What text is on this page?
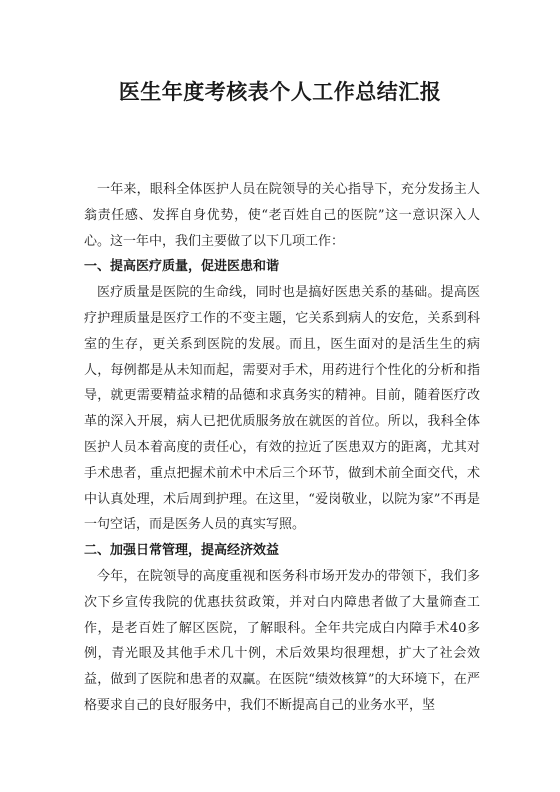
医生年度考核表个人工作总结汇报

一年来，眼科全体医护人员在院领导的关心指导下，充分发扬主人翁责任感、发挥自身优势，使“老百姓自己的医院”这一意识深入人心。这一年中，我们主要做了以下几项工作：

一、提高医疗质量，促进医患和谐

医疗质量是医院的生命线，同时也是搞好医患关系的基础。提高医疗护理质量是医疗工作的不变主题，它关系到病人的安危，关系到科室的生存，更关系到医院的发展。而且，医生面对的是活生生的病人，每例都是从未知而起，需要对手术，用药进行个性化的分析和指导，就更需要精益求精的品德和求真务实的精神。目前，随着医疗改革的深入开展，病人已把优质服务放在就医的首位。所以，我科全体医护人员本着高度的责任心，有效的拉近了医患双方的距离，尤其对手术患者，重点把握术前术中术后三个环节，做到术前全面交代，术中认真处理，术后周到护理。在这里，“爱岗敬业，以院为家”不再是一句空话，而是医务人员的真实写照。

二、加强日常管理，提高经济效益

今年，在院领导的高度重视和医务科市场开发办的带领下，我们多次下乡宣传我院的优惠扶贫政策，并对白内障患者做了大量筛查工作，是老百姓了解区医院，了解眼科。全年共完成白内障手术40多例，青光眼及其他手术几十例，术后效果均很理想，扩大了社会效益，做到了医院和患者的双赢。在医院“绩效核算”的大环境下，在严格要求自己的良好服务中，我们不断提高自己的业务水平，坚
